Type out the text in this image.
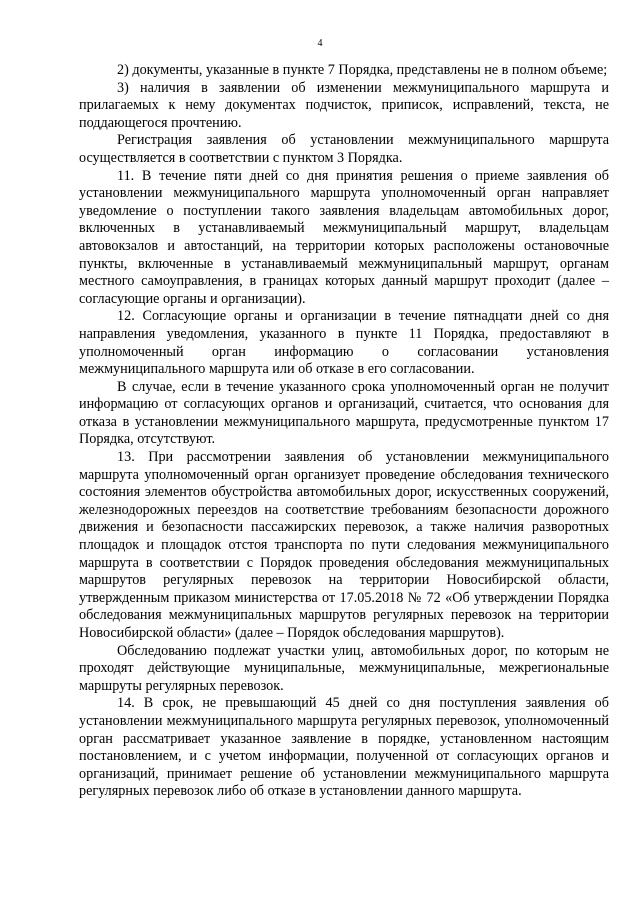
4

2) документы, указанные в пункте 7 Порядка, представлены не в полном объеме;

3) наличия в заявлении об изменении межмуниципального маршрута и прилагаемых к нему документах подчисток, приписок, исправлений, текста, не поддающегося прочтению.

Регистрация заявления об установлении межмуниципального маршрута осуществляется в соответствии с пунктом 3 Порядка.

11. В течение пяти дней со дня принятия решения о приеме заявления об установлении межмуниципального маршрута уполномоченный орган направляет уведомление о поступлении такого заявления владельцам автомобильных дорог, включенных в устанавливаемый межмуниципальный маршрут, владельцам автовокзалов и автостанций, на территории которых расположены остановочные пункты, включенные в устанавливаемый межмуниципальный маршрут, органам местного самоуправления, в границах которых данный маршрут проходит (далее – согласующие органы и организации).

12. Согласующие органы и организации в течение пятнадцати дней со дня направления уведомления, указанного в пункте 11 Порядка, предоставляют в уполномоченный орган информацию о согласовании установления межмуниципального маршрута или об отказе в его согласовании.

В случае, если в течение указанного срока уполномоченный орган не получит информацию от согласующих органов и организаций, считается, что основания для отказа в установлении межмуниципального маршрута, предусмотренные пунктом 17 Порядка, отсутствуют.

13. При рассмотрении заявления об установлении межмуниципального маршрута уполномоченный орган организует проведение обследования технического состояния элементов обустройства автомобильных дорог, искусственных сооружений, железнодорожных переездов на соответствие требованиям безопасности дорожного движения и безопасности пассажирских перевозок, а также наличия разворотных площадок и площадок отстоя транспорта по пути следования межмуниципального маршрута в соответствии с Порядок проведения обследования межмуниципальных маршрутов регулярных перевозок на территории Новосибирской области, утвержденным приказом министерства от 17.05.2018 № 72 «Об утверждении Порядка обследования межмуниципальных маршрутов регулярных перевозок на территории Новосибирской области» (далее – Порядок обследования маршрутов).

Обследованию подлежат участки улиц, автомобильных дорог, по которым не проходят действующие муниципальные, межмуниципальные, межрегиональные маршруты регулярных перевозок.

14. В срок, не превышающий 45 дней со дня поступления заявления об установлении межмуниципального маршрута регулярных перевозок, уполномоченный орган рассматривает указанное заявление в порядке, установленном настоящим постановлением, и с учетом информации, полученной от согласующих органов и организаций, принимает решение об установлении межмуниципального маршрута регулярных перевозок либо об отказе в установлении данного маршрута.
